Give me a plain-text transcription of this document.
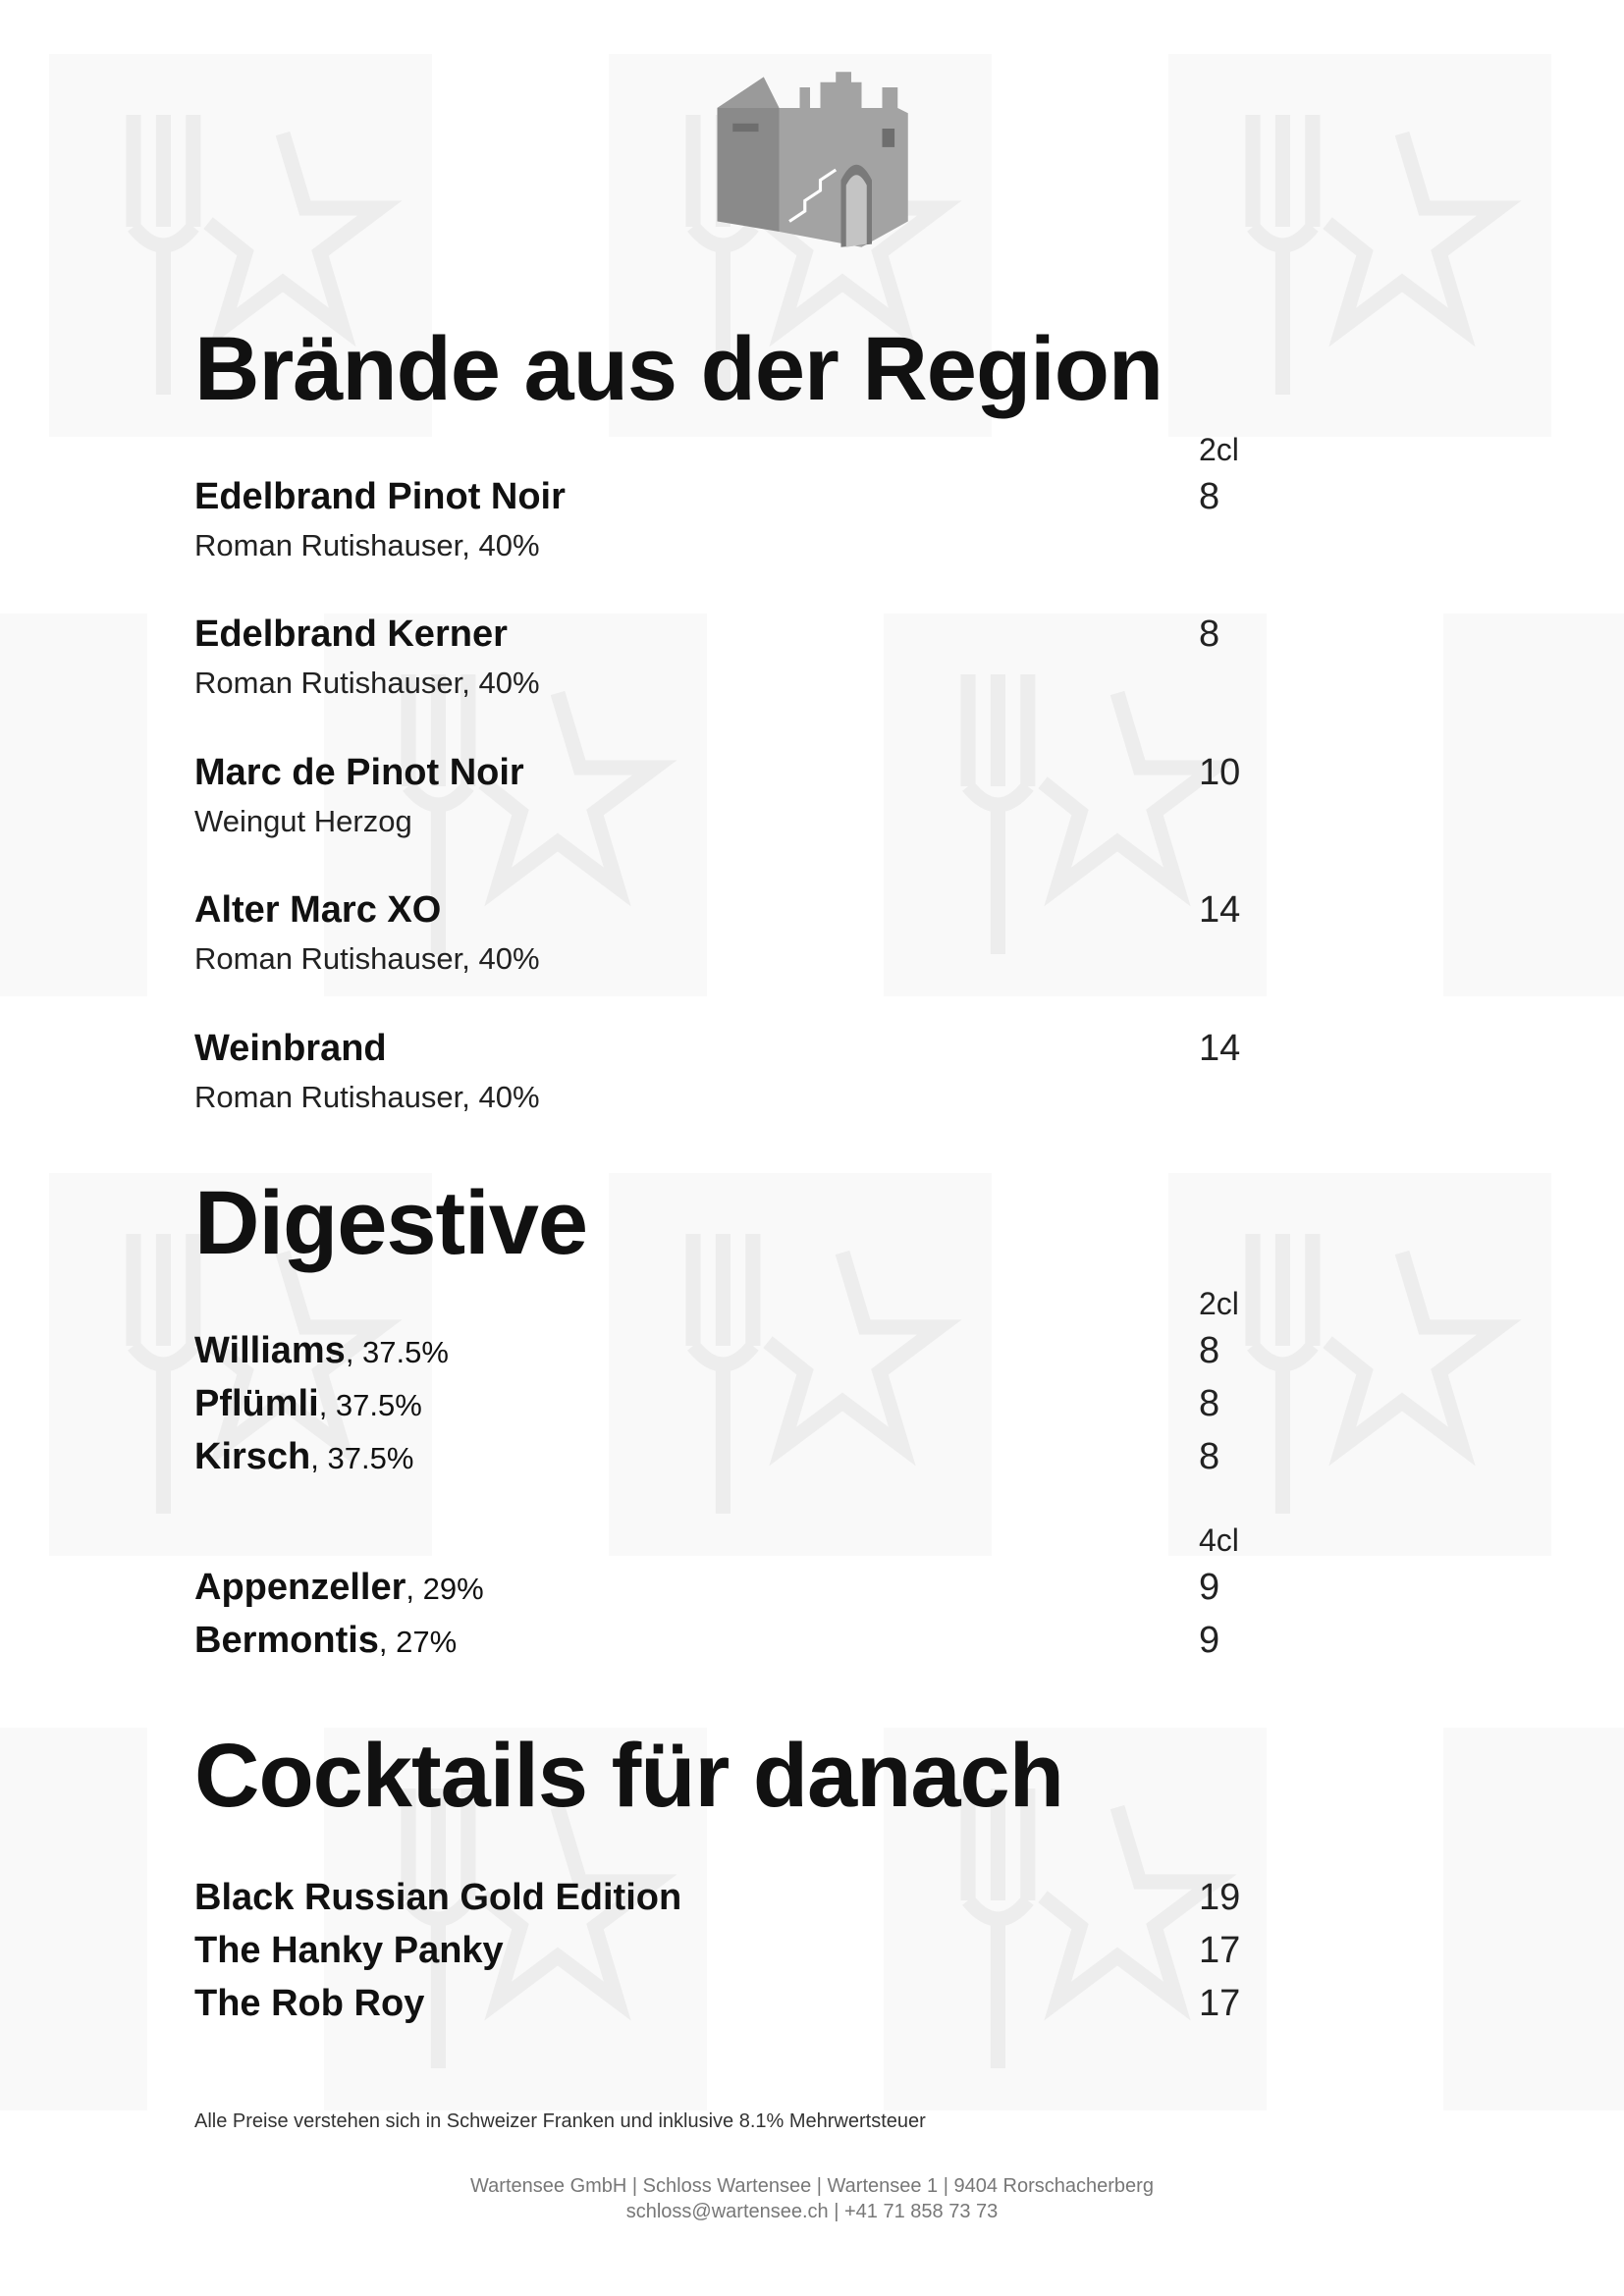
Brände aus der Region
2cl
Edelbrand Pinot Noir	8
Roman Rutishauser, 40%
Edelbrand Kerner	8
Roman Rutishauser, 40%
Marc de Pinot Noir	10
Weingut Herzog
Alter Marc XO	14
Roman Rutishauser, 40%
Weinbrand	14
Roman Rutishauser, 40%
Digestive
2cl
Williams, 37.5%	8
Pflümli, 37.5%	8
Kirsch, 37.5%	8
4cl
Appenzeller, 29%	9
Bermontis, 27%	9
Cocktails für danach
Black Russian Gold Edition	19
The Hanky Panky	17
The Rob Roy	17
Alle Preise verstehen sich in Schweizer Franken und inklusive 8.1% Mehrwertsteuer
Wartensee GmbH | Schloss Wartensee | Wartensee 1 | 9404 Rorschacherberg
schloss@wartensee.ch | +41 71 858 73 73
